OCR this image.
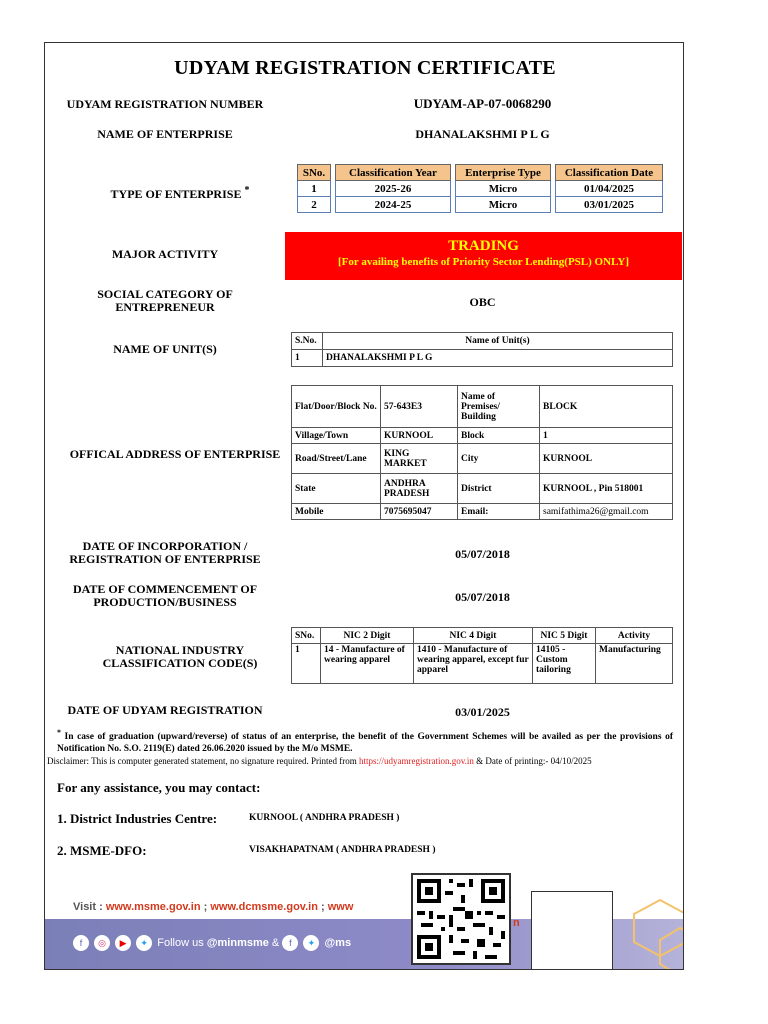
UDYAM REGISTRATION CERTIFICATE
UDYAM REGISTRATION NUMBER	UDYAM-AP-07-0068290
NAME OF ENTERPRISE	DHANALAKSHMI P L G
TYPE OF ENTERPRISE *
SNo.		Classification Year		Enterprise Type		Classification Date
1		2025-26		Micro		01/04/2025
2		2024-25		Micro		03/01/2025
MAJOR ACTIVITY	TRADING
[For availing benefits of Priority Sector Lending(PSL) ONLY]
SOCIAL CATEGORY OF
ENTREPRENEUR	OBC
NAME OF UNIT(S)
S.No.	Name of Unit(s)
1	DHANALAKSHMI P L G
OFFICAL ADDRESS OF ENTERPRISE
Flat/Door/Block No.	57-643E3	Name of Premises/ Building	BLOCK
Village/Town	KURNOOL	Block	1
Road/Street/Lane	KING MARKET	City	KURNOOL
State	ANDHRA PRADESH	District	KURNOOL , Pin 518001
Mobile	7075695047	Email:	samifathima26@gmail.com
DATE OF INCORPORATION /
REGISTRATION OF ENTERPRISE	05/07/2018
DATE OF COMMENCEMENT OF
PRODUCTION/BUSINESS	05/07/2018
NATIONAL INDUSTRY
CLASSIFICATION CODE(S)
SNo.	NIC 2 Digit	NIC 4 Digit	NIC 5 Digit	Activity
1	14 - Manufacture of wearing apparel	1410 - Manufacture of wearing apparel, except fur apparel	14105 - Custom tailoring	Manufacturing
DATE OF UDYAM REGISTRATION	03/01/2025
* In case of graduation (upward/reverse) of status of an enterprise, the benefit of the Government Schemes will be availed as per the provisions of Notification No. S.O. 2119(E) dated 26.06.2020 issued by the M/o MSME.
Disclaimer: This is computer generated statement, no signature required. Printed from https://udyamregistration.gov.in & Date of printing:- 04/10/2025
For any assistance, you may contact:
1. District Industries Centre:	KURNOOL ( ANDHRA PRADESH )
2. MSME-DFO:	VISAKHAPATNAM ( ANDHRA PRADESH )
Visit : www.msme.gov.in ; www.dcmsme.gov.in ; www
n
f ◎ ▶ ✦ Follow us @minmsme & f ✦ @ms
